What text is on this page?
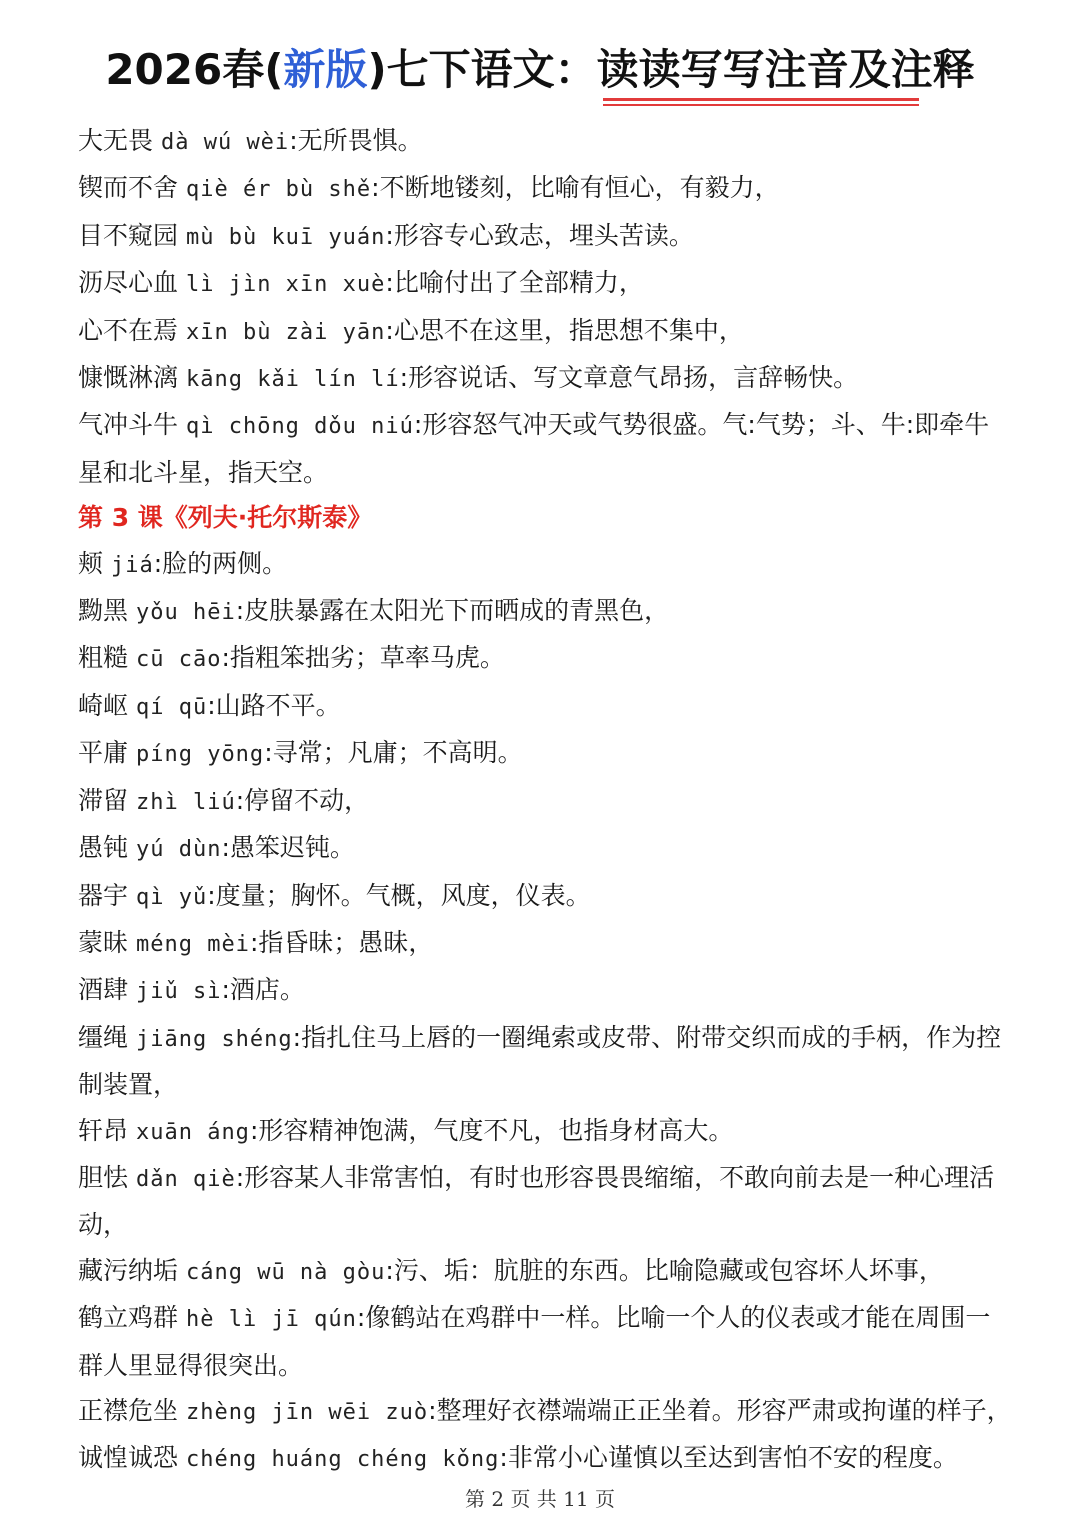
2026春(新版)七下语文：读读写写注音及注释

大无畏 dà wú wèi:无所畏惧。

锲而不舍 qiè ér bù shě:不断地镂刻，比喻有恒心，有毅力，

目不窥园 mù bù kuī yuán:形容专心致志，埋头苦读。

沥尽心血 lì jìn xīn xuè:比喻付出了全部精力，

心不在焉 xīn bù zài yān:心思不在这里，指思想不集中，

慷慨淋漓 kāng kǎi lín lí:形容说话、写文章意气昂扬，言辞畅快。

气冲斗牛 qì chōng dǒu niú:形容怒气冲天或气势很盛。气:气势；斗、牛:即牵牛星和北斗星，指天空。

第 3 课《列夫·托尔斯泰》

颊 jiá:脸的两侧。

黝黑 yǒu hēi:皮肤暴露在太阳光下而晒成的青黑色，

粗糙 cū cāo:指粗笨拙劣；草率马虎。

崎岖 qí qū:山路不平。

平庸 píng yōng:寻常；凡庸；不高明。

滞留 zhì liú:停留不动，

愚钝 yú dùn:愚笨迟钝。

器宇 qì yǔ:度量；胸怀。气概，风度，仪表。

蒙昧 méng mèi:指昏昧；愚昧，

酒肆 jiǔ sì:酒店。

缰绳 jiāng shéng:指扎住马上唇的一圈绳索或皮带、附带交织而成的手柄，作为控制装置，

轩昂 xuān áng:形容精神饱满，气度不凡，也指身材高大。

胆怯 dǎn qiè:形容某人非常害怕，有时也形容畏畏缩缩，不敢向前去是一种心理活动，

藏污纳垢 cáng wū nà gòu:污、垢：肮脏的东西。比喻隐藏或包容坏人坏事，

鹤立鸡群 hè lì jī qún:像鹤站在鸡群中一样。比喻一个人的仪表或才能在周围一群人里显得很突出。

正襟危坐 zhèng jīn wēi zuò:整理好衣襟端端正正坐着。形容严肃或拘谨的样子，

诚惶诚恐 chéng huáng chéng kǒng:非常小心谨慎以至达到害怕不安的程度。

第 2 页 共 11 页
